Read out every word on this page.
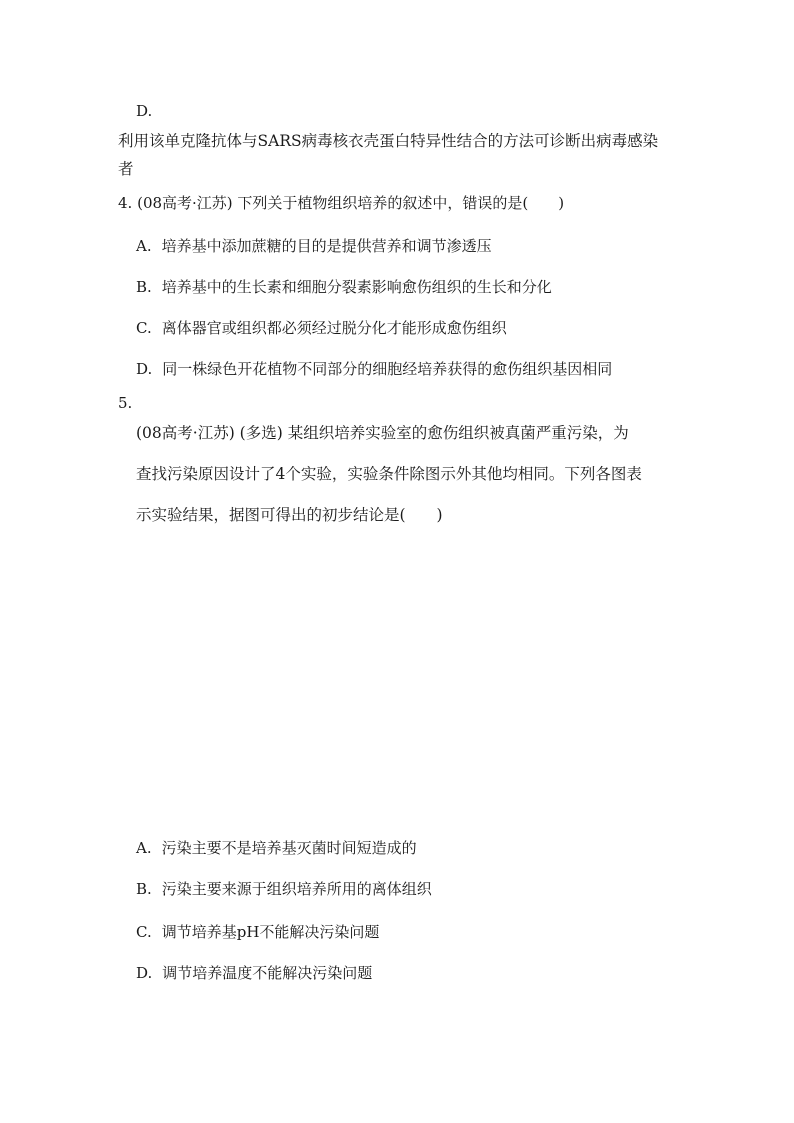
D.
利用该单克隆抗体与SARS病毒核衣壳蛋白特异性结合的方法可诊断出病毒感染
者
4. (08高考·江苏) 下列关于植物组织培养的叙述中，错误的是(　　)
A. 培养基中添加蔗糖的目的是提供营养和调节渗透压
B. 培养基中的生长素和细胞分裂素影响愈伤组织的生长和分化
C. 离体器官或组织都必须经过脱分化才能形成愈伤组织
D. 同一株绿色开花植物不同部分的细胞经培养获得的愈伤组织基因相同
5.
(08高考·江苏) (多选) 某组织培养实验室的愈伤组织被真菌严重污染，为
查找污染原因设计了4个实验，实验条件除图示外其他均相同。下列各图表
示实验结果，据图可得出的初步结论是(　　)
A. 污染主要不是培养基灭菌时间短造成的
B. 污染主要来源于组织培养所用的离体组织
C. 调节培养基pH不能解决污染问题
D. 调节培养温度不能解决污染问题
